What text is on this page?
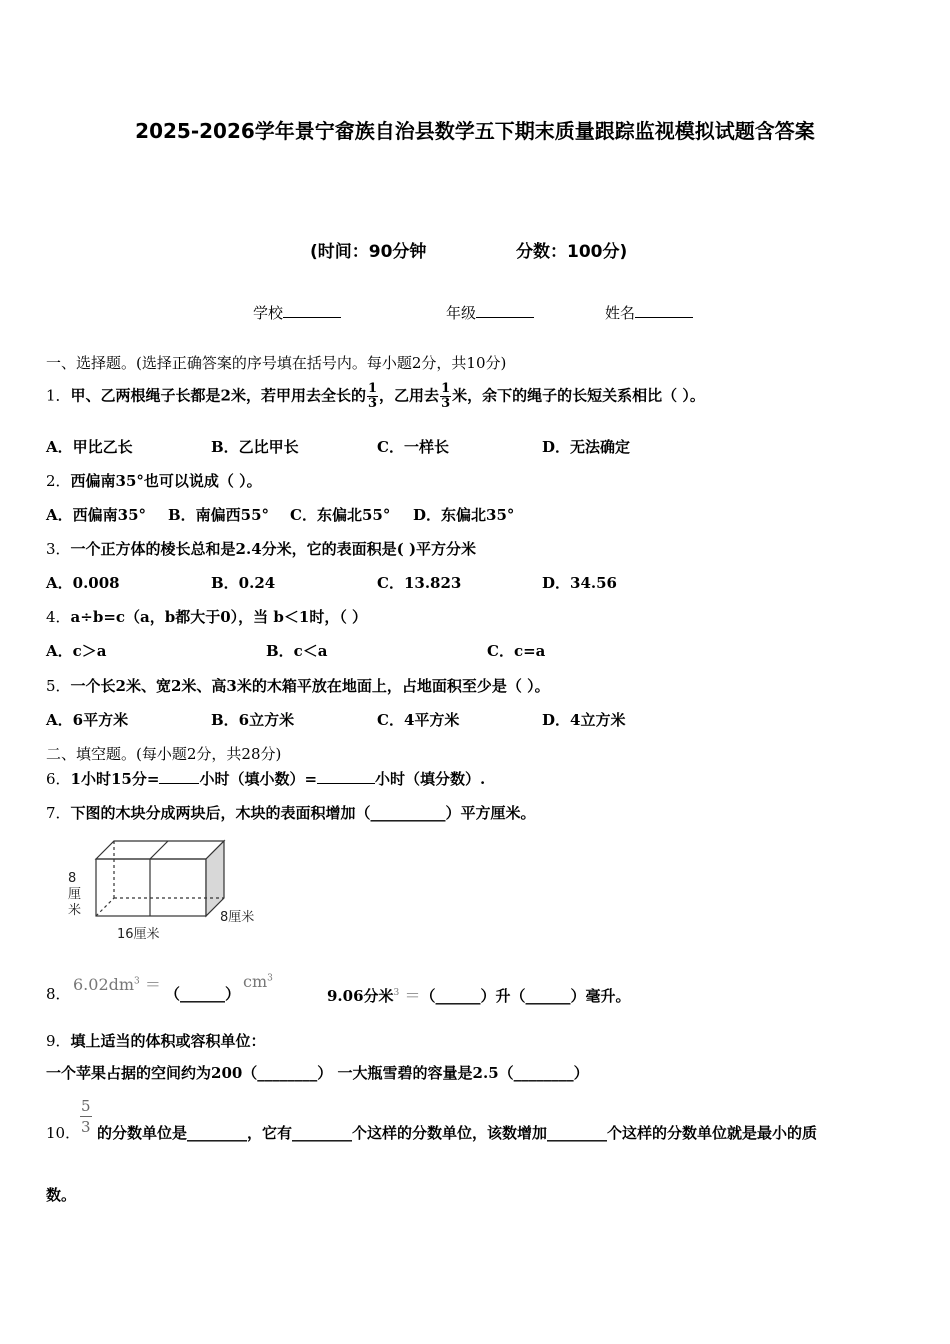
2025-2026学年景宁畲族自治县数学五下期末质量跟踪监视模拟试题含答案
(时间：90分钟	分数：100分)
学校	年级	姓名
一、选择题。(选择正确答案的序号填在括号内。每小题2分，共10分)
1．甲、乙两根绳子长都是2米，若甲用去全长的 $\frac{1}{3}$ ，乙用去 $\frac{1}{3}$ 米，余下的绳子的长短关系相比（ ）。
A．甲比乙长	B．乙比甲长	C．一样长	D．无法确定
2．西偏南35°也可以说成（ ）。
A．西偏南35° B．南偏西55° C．东偏北55° D．东偏北35°
3．一个正方体的棱长总和是2.4分米，它的表面积是( )平方分米
A．0.008	B．0.24	C．13.823	D．34.56
4．a÷b=c（a，b都大于0），当 b＜1时，（ ）
A．c＞a	B．c＜a	C．c=a
5．一个长2米、宽2米、高3米的木箱平放在地面上，占地面积至少是（ ）。
A．6平方米	B．6立方米	C．4平方米	D．4立方米
二、填空题。(每小题2分，共28分)
6．1小时15分=	小时（填小数）=	小时（填分数）.
7．下图的木块分成两块后，木块的表面积增加（__________）平方厘米。
8
厘
米	8厘米
16厘米
8． $6.02dm^3$ ＝ （______）
$cm^3$
9.06分米$^3$ ＝（______）升（______）毫升。
9．填上适当的体积或容积单位：
一个苹果占据的空间约为200（________） 一大瓶雪碧的容量是2.5（________）
10．
5
3 的分数单位是________，它有________个这样的分数单位，该数增加________个这样的分数单位就是最小的质
数。
